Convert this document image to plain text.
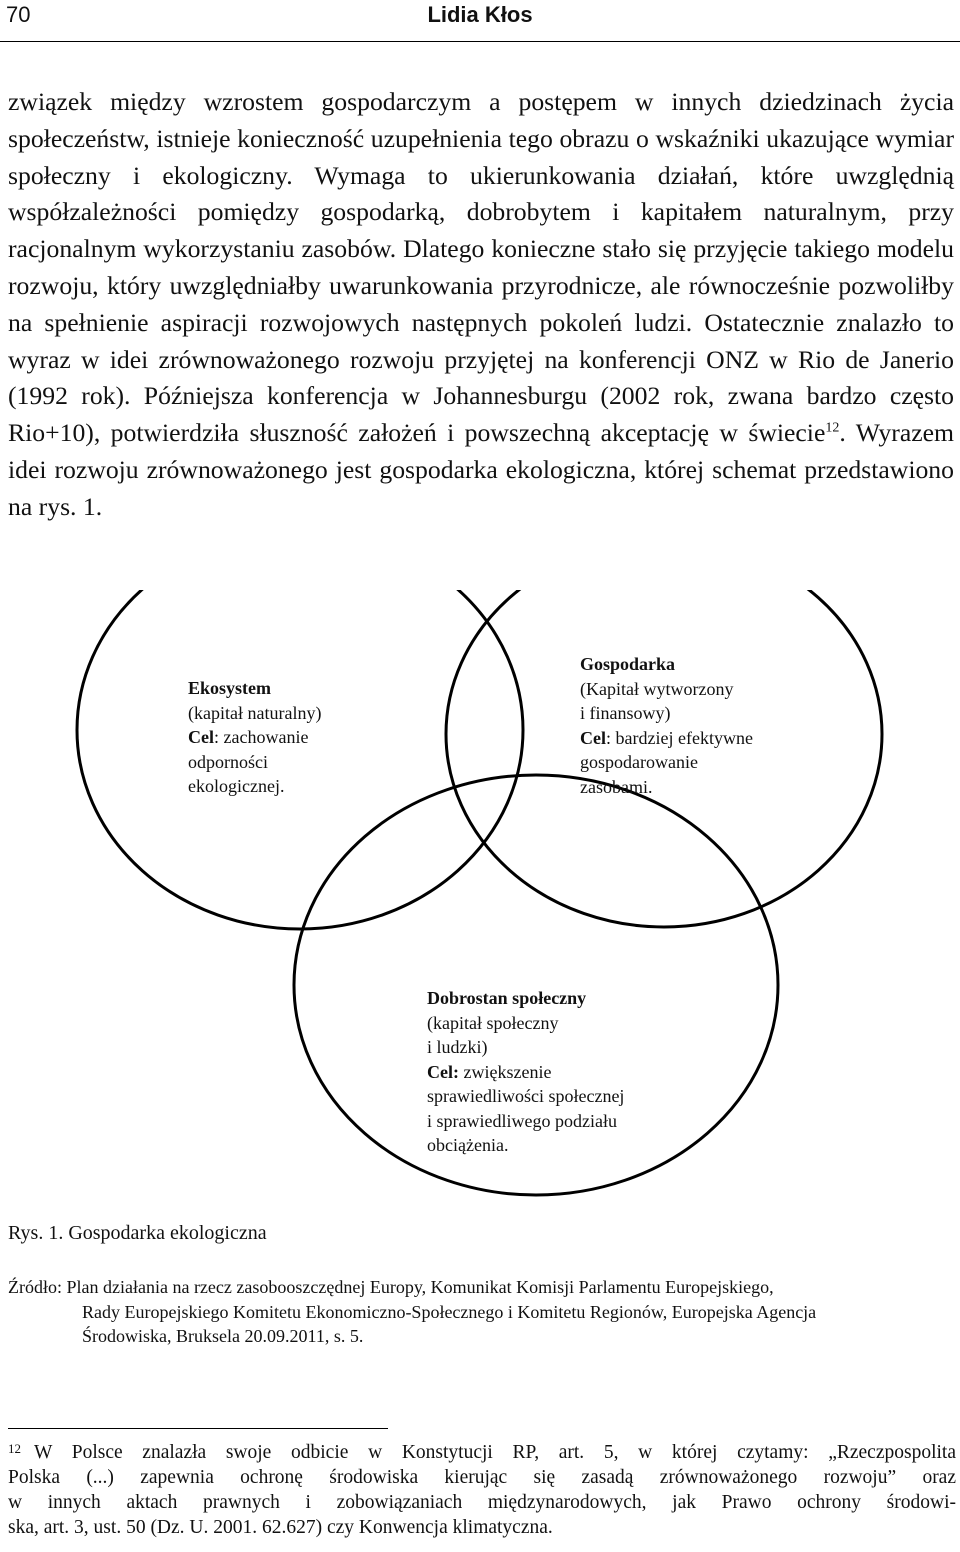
70	Lidia Kłos

związek między wzrostem gospodarczym a postępem w innych dziedzinach życia społeczeństw, istnieje konieczność uzupełnienia tego obrazu o wskaźniki ukazujące wymiar społeczny i ekologiczny. Wymaga to ukierunkowania działań, które uwzględnią współzależności pomiędzy gospodarką, dobrobytem i kapitałem naturalnym, przy racjonalnym wykorzystaniu zasobów. Dlatego konieczne stało się przyjęcie takiego modelu rozwoju, który uwzględniałby uwarunkowania przyrodnicze, ale równocześnie pozwoliłby na spełnienie aspiracji rozwojowych następnych pokoleń ludzi. Ostatecznie znalazło to wyraz w idei zrównoważonego rozwoju przyjętej na konferencji ONZ w Rio de Janerio (1992 rok). Późniejsza konferencja w Johannesburgu (2002 rok, zwana bardzo często Rio+10), potwierdziła słuszność założeń i powszechną akceptację w świecie$^{12}$. Wyrazem idei rozwoju zrównoważonego jest gospodarka ekologiczna, której schemat przedstawiono na rys. 1.

Ekosystem
(kapitał naturalny)
Cel: zachowanie
odporności
ekologicznej.
Gospodarka
(Kapitał wytworzony
i finansowy)
Cel: bardziej efektywne
gospodarowanie
zasobami.
Dobrostan społeczny
(kapitał społeczny
i ludzki)
Cel: zwiększenie
sprawiedliwości społecznej
i sprawiedliwego podziału
obciążenia.
Rys. 1. Gospodarka ekologiczna
Źródło: Plan działania na rzecz zasobooszczędnej Europy, Komunikat Komisji Parlamentu Europejskiego,
Rady Europejskiego Komitetu Ekonomiczno-Społecznego i Komitetu Regionów, Europejska Agencja
Środowiska, Bruksela 20.09.2011, s. 5.
12 W Polsce znalazła swoje odbicie w Konstytucji RP, art. 5, w której czytamy: „Rzeczpospolita
Polska (...) zapewnia ochronę środowiska kierując się zasadą zrównoważonego rozwoju” oraz
w innych aktach prawnych i zobowiązaniach międzynarodowych, jak Prawo ochrony środowi-
ska, art. 3, ust. 50 (Dz. U. 2001. 62.627) czy Konwencja klimatyczna.
